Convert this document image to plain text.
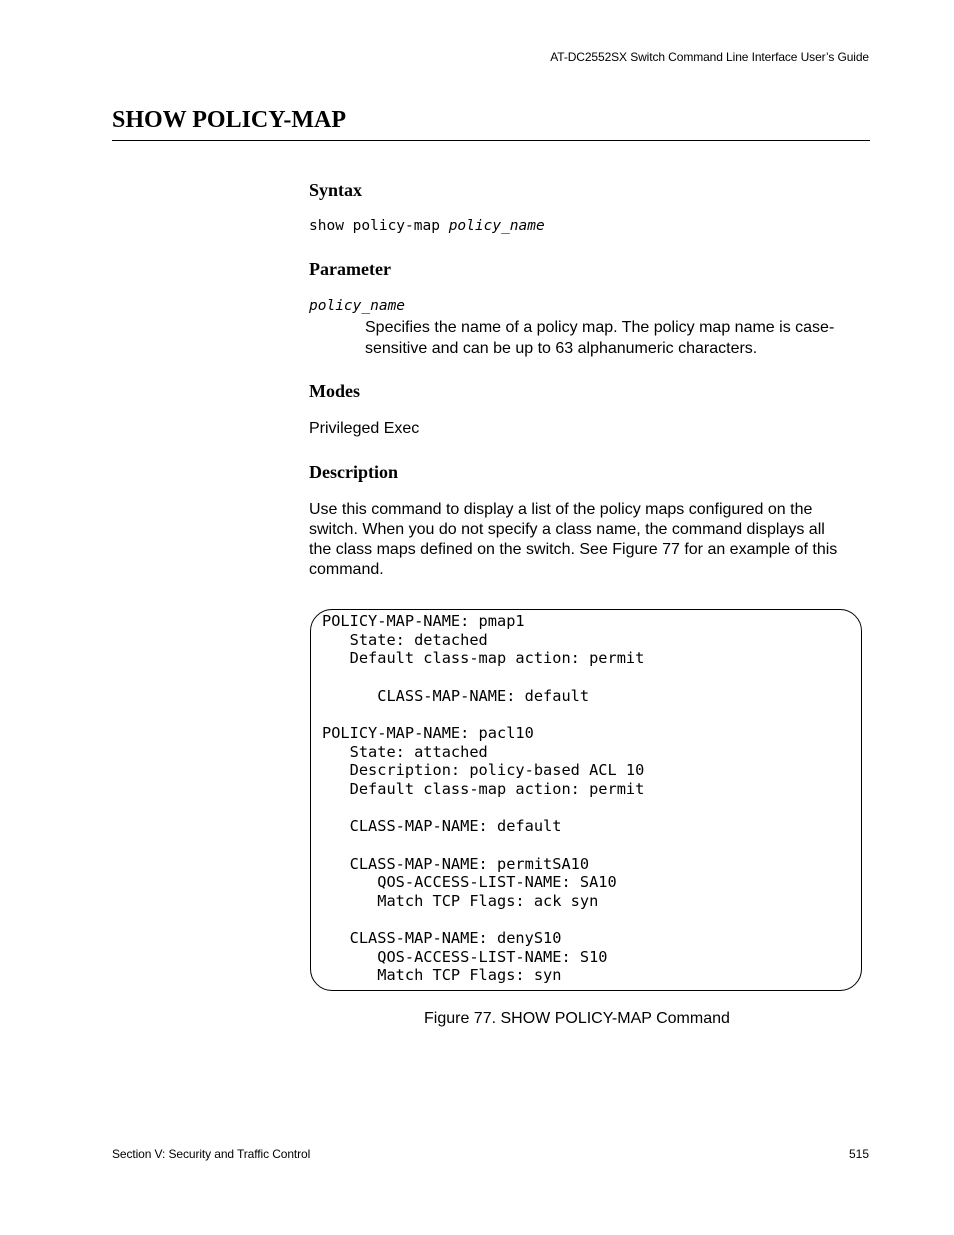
AT-DC2552SX Switch Command Line Interface User’s Guide
SHOW POLICY-MAP
Syntax
show policy-map policy_name
Parameter
policy_name
Specifies the name of a policy map. The policy map name is case-
sensitive and can be up to 63 alphanumeric characters.
Modes
Privileged Exec
Description
Use this command to display a list of the policy maps configured on the
switch. When you do not specify a class name, the command displays all
the class maps defined on the switch. See Figure 77 for an example of this
command.
POLICY-MAP-NAME: pmap1
State: detached
Default class-map action: permit

CLASS-MAP-NAME: default

POLICY-MAP-NAME: pacl10
State: attached
Description: policy-based ACL 10
Default class-map action: permit

CLASS-MAP-NAME: default

CLASS-MAP-NAME: permitSA10
QOS-ACCESS-LIST-NAME: SA10
Match TCP Flags: ack syn

CLASS-MAP-NAME: denyS10
QOS-ACCESS-LIST-NAME: S10
Match TCP Flags: syn
Figure 77. SHOW POLICY-MAP Command
Section V: Security and Traffic Control	515
